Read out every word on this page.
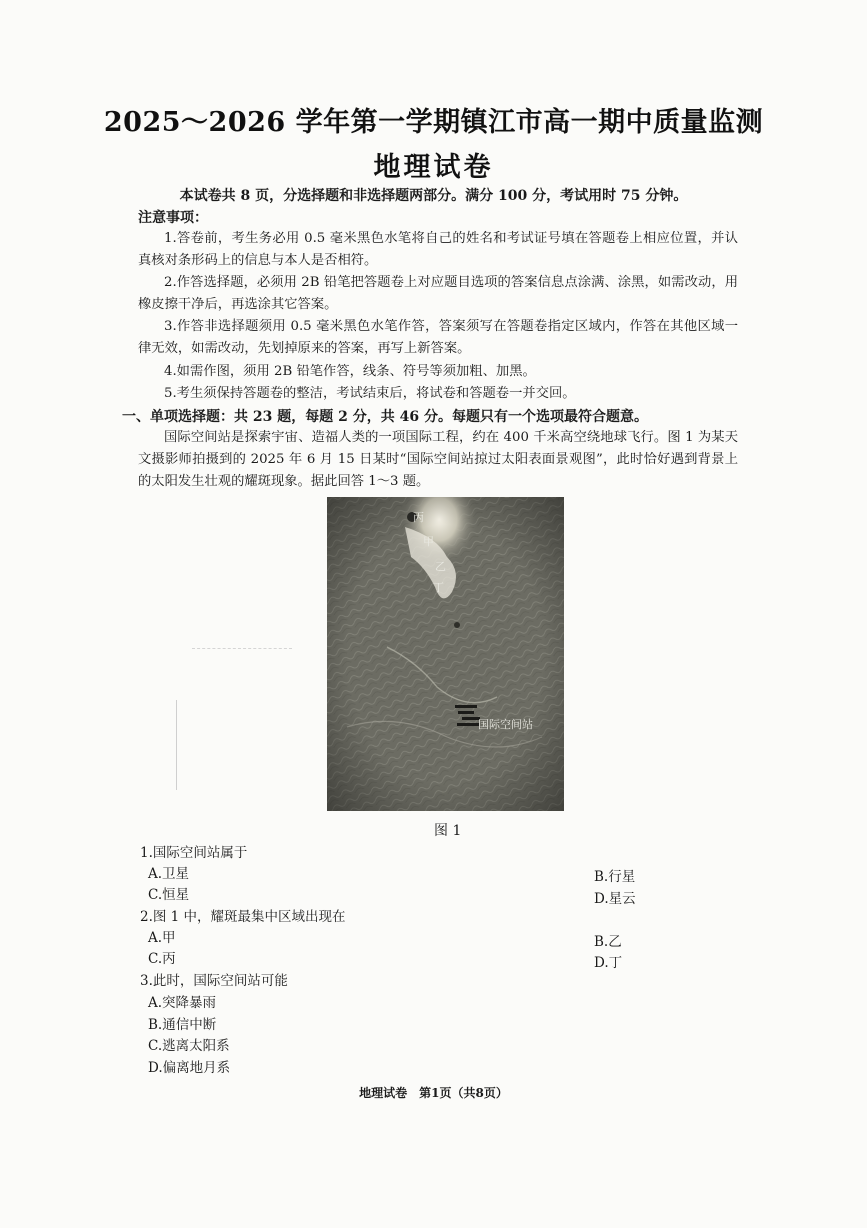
2025～2026 学年第一学期镇江市高一期中质量监测
地理试卷
本试卷共 8 页，分选择题和非选择题两部分。满分 100 分，考试用时 75 分钟。
注意事项：
1.答卷前，考生务必用 0.5 毫米黑色水笔将自己的姓名和考试证号填在答题卷上相应位置，并认真核对条形码上的信息与本人是否相符。
2.作答选择题，必须用 2B 铅笔把答题卷上对应题目选项的答案信息点涂满、涂黑，如需改动，用橡皮擦干净后，再选涂其它答案。
3.作答非选择题须用 0.5 毫米黑色水笔作答，答案须写在答题卷指定区域内，作答在其他区域一律无效，如需改动，先划掉原来的答案，再写上新答案。
4.如需作图，须用 2B 铅笔作答，线条、符号等须加粗、加黑。
5.考生须保持答题卷的整洁，考试结束后，将试卷和答题卷一并交回。
一、单项选择题：共 23 题，每题 2 分，共 46 分。每题只有一个选项最符合题意。
国际空间站是探索宇宙、造福人类的一项国际工程，约在 400 千米高空绕地球飞行。图 1 为某天文摄影师拍摄到的 2025 年 6 月 15 日某时“国际空间站掠过太阳表面景观图”，此时恰好遇到背景上的太阳发生壮观的耀斑现象。据此回答 1～3 题。
丙
甲
乙
丁
国际空间站
图 1
1.国际空间站属于
A.卫星	B.行星
C.恒星	D.星云
2.图 1 中，耀斑最集中区域出现在
A.甲	B.乙
C.丙	D.丁
3.此时，国际空间站可能
A.突降暴雨
B.通信中断
C.逃离太阳系
D.偏离地月系
地理试卷　第1页（共8页）
